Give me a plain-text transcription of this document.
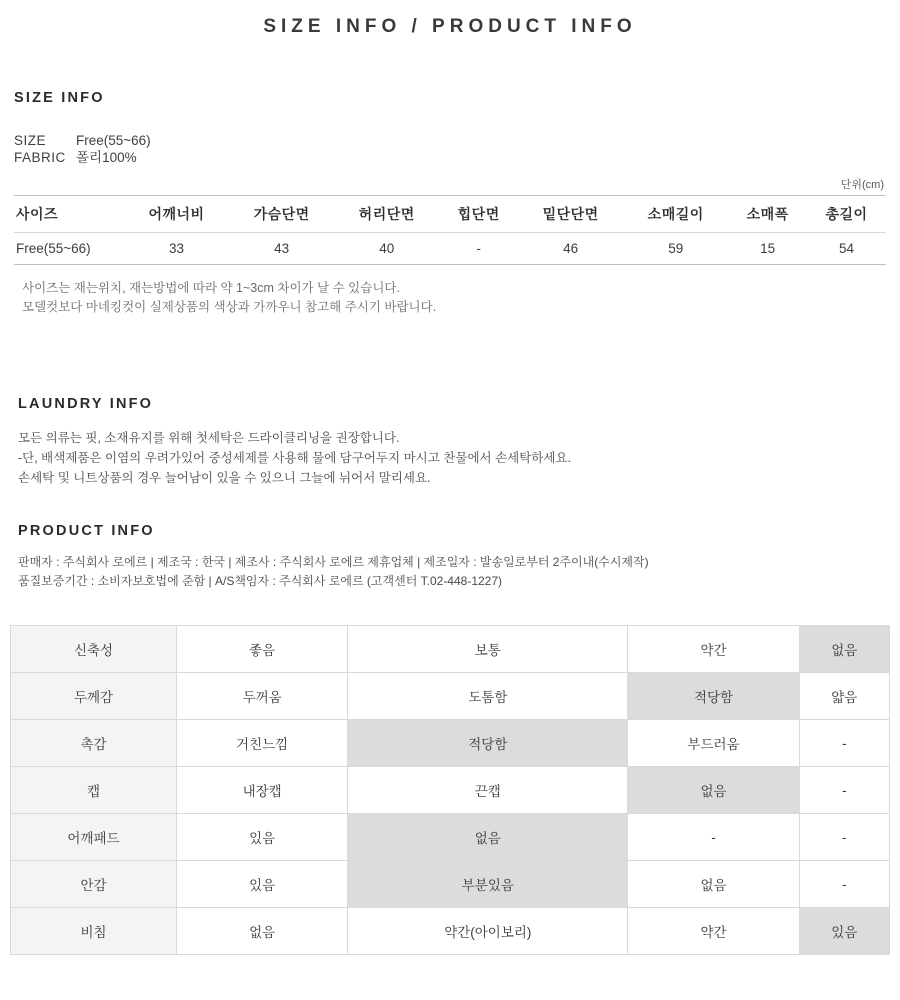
SIZE INFO / PRODUCT INFO
SIZE INFO
SIZE	Free(55~66)
FABRIC 폴리100%
단위(cm)
사이즈	어깨너비	가슴단면	허리단면	힙단면	밑단단면	소매길이	소매폭	총길이
Free(55~66)	33	43	40	-	46	59	15	54
사이즈는 재는위치, 재는방법에 따라 약 1~3cm 차이가 날 수 있습니다.
모델컷보다 마네킹컷이 실제상품의 색상과 가까우니 참고해 주시기 바랍니다.
LAUNDRY INFO
모든 의류는 핏, 소재유지를 위해 첫세탁은 드라이클리닝을 권장합니다.
-단, 배색제품은 이염의 우려가있어 중성세제를 사용해 물에 담구어두지 마시고 찬물에서 손세탁하세요.
손세탁 및 니트상품의 경우 늘어남이 있을 수 있으니 그늘에 뉘어서 말리세요.
PRODUCT INFO
판매자 : 주식회사 로에르 | 제조국 : 한국 | 제조사 : 주식회사 로에르 제휴업체 | 제조일자 : 발송일로부터 2주이내(수시제작)
품질보증기간 : 소비자보호법에 준함 | A/S책임자 : 주식회사 로에르 (고객센터 T.02-448-1227)
신축성	좋음	보통	약간	없음
두께감	두꺼움	도톰함	적당함	얇음
촉감	거친느낌	적당함	부드러움	-
캡	내장캡	끈캡	없음	-
어깨패드	있음	없음	-	-
안감	있음	부분있음	없음	-
비침	없음	약간(아이보리)	약간	있음
